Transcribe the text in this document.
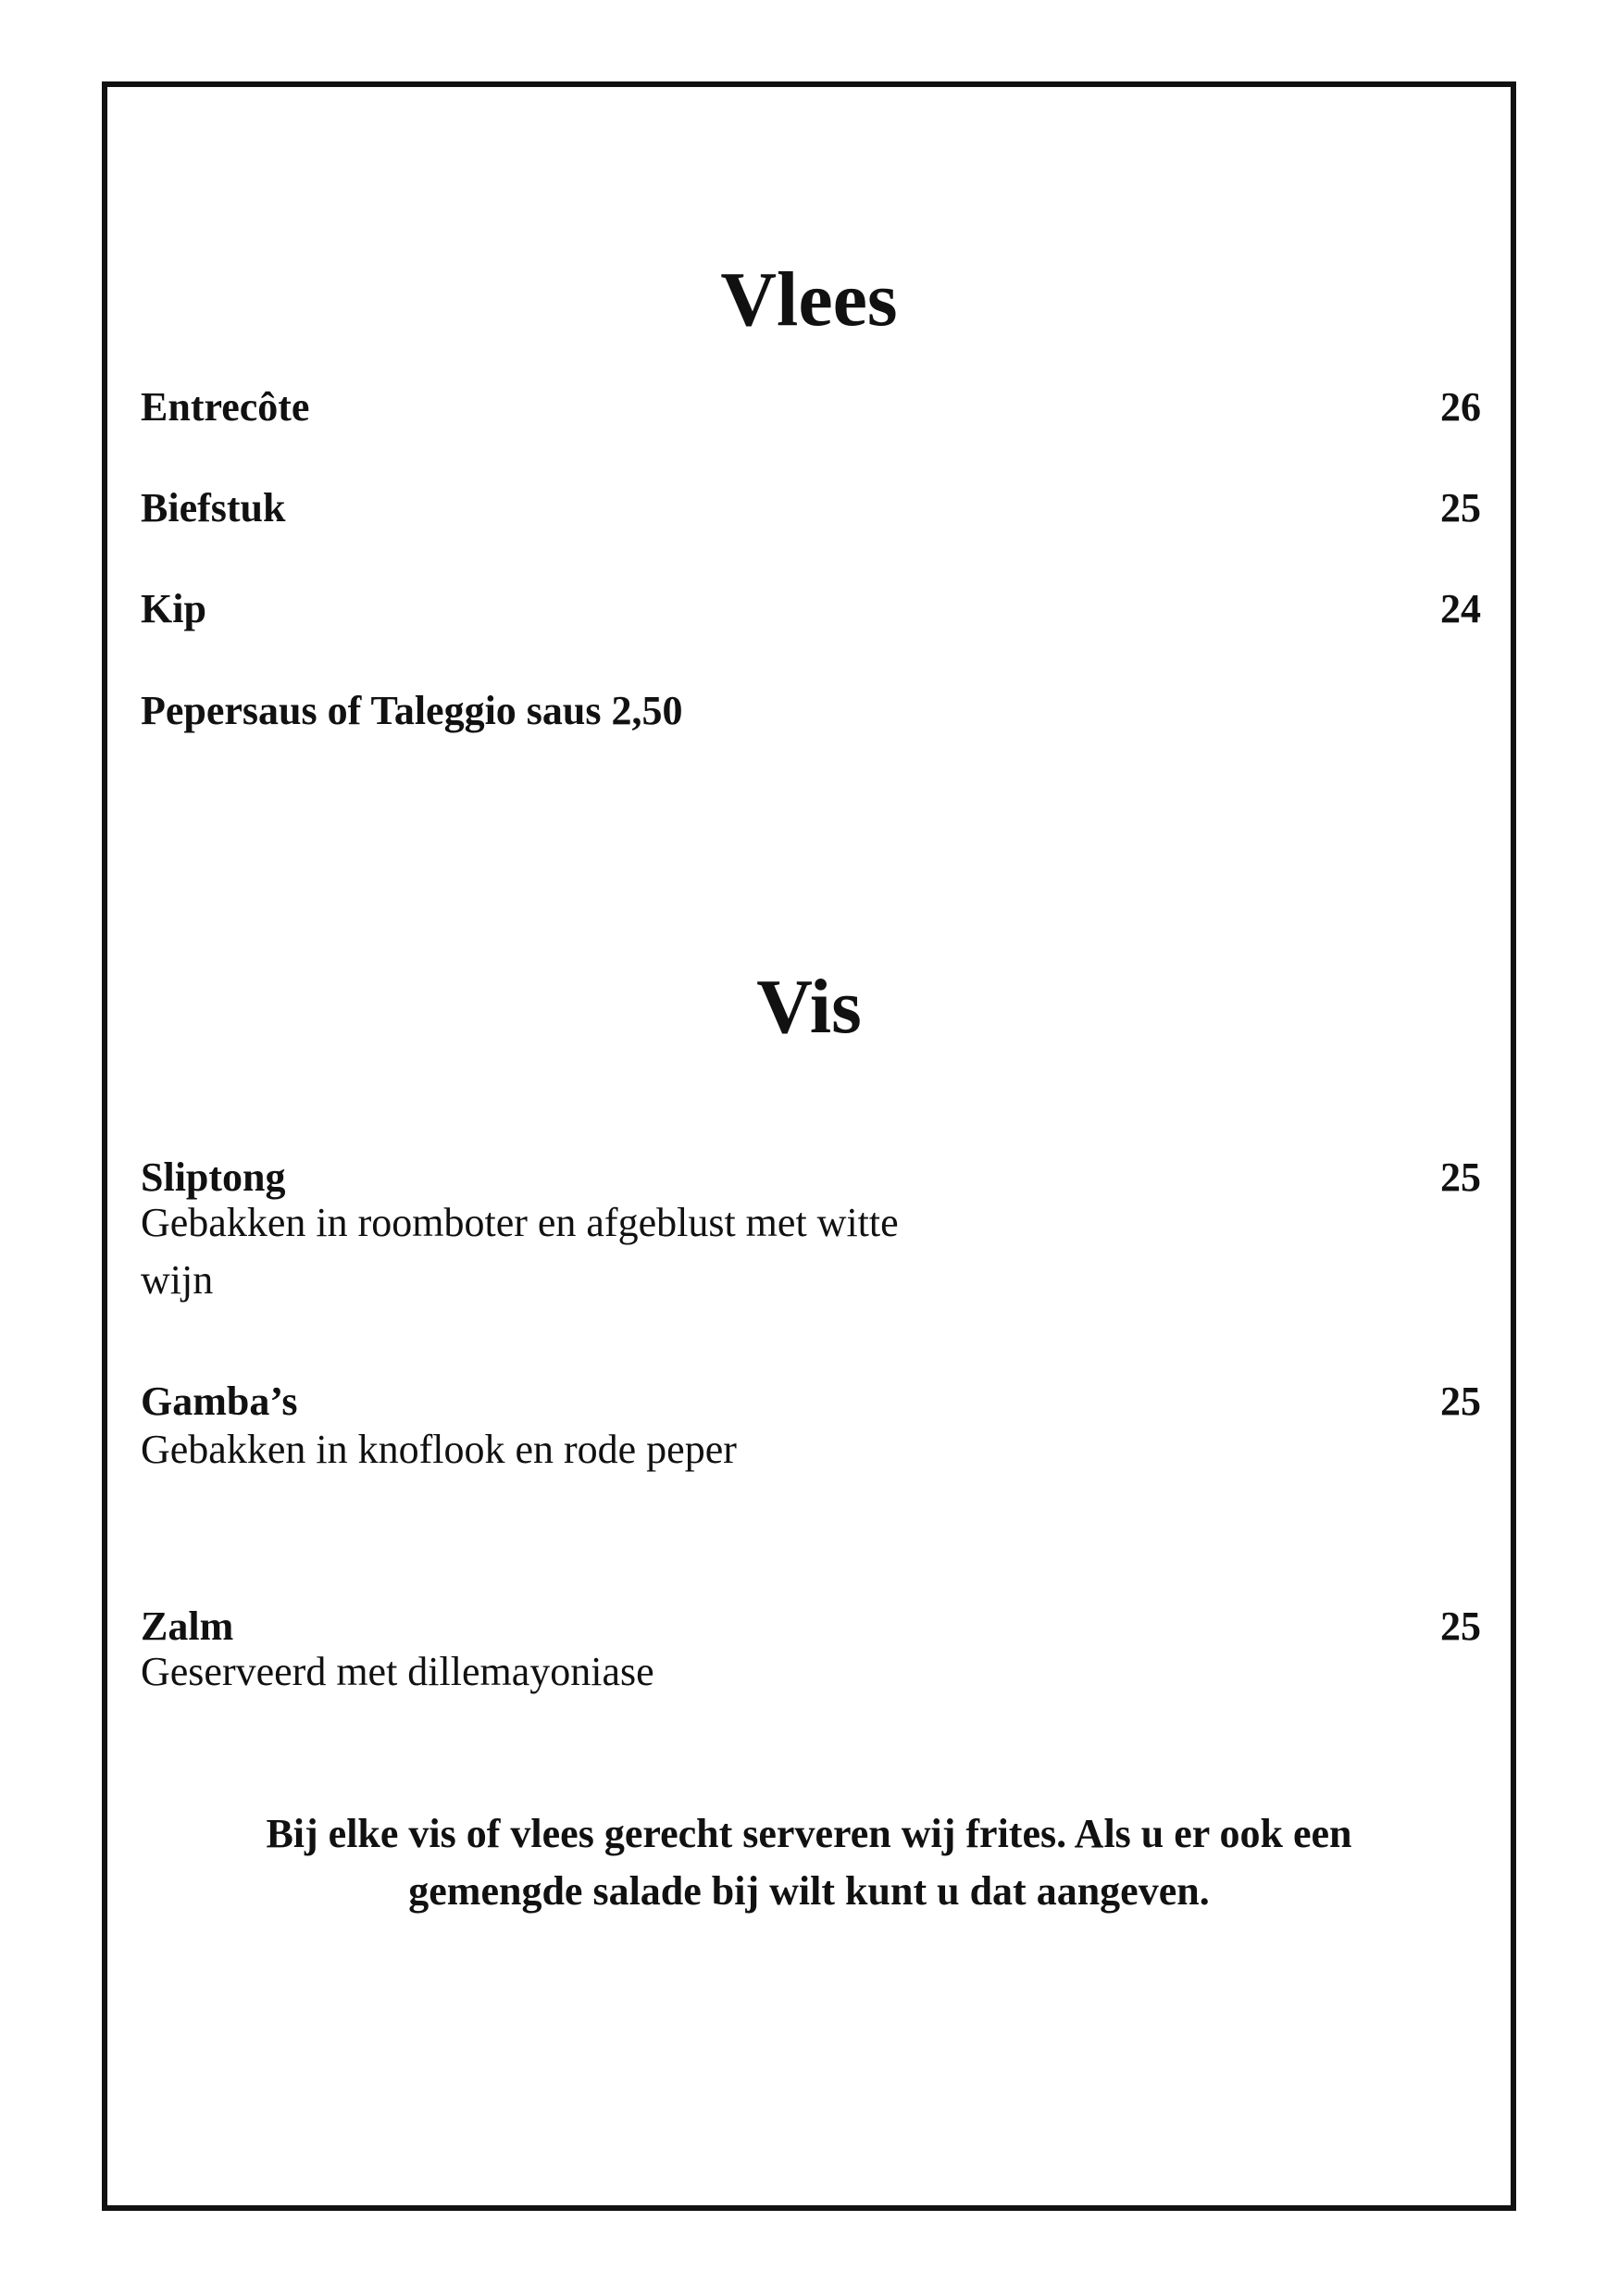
Vlees
Entrecôte	26
Biefstuk	25
Kip	24
Pepersaus of Taleggio saus 2,50
Vis
Sliptong	25
Gebakken in roomboter en afgeblust met witte wijn
Gamba’s	25
Gebakken in knoflook en rode peper
Zalm	25
Geserveerd met dillemayoniase
Bij elke vis of vlees gerecht serveren wij frites. Als u er ook een gemengde salade bij wilt kunt u dat aangeven.
